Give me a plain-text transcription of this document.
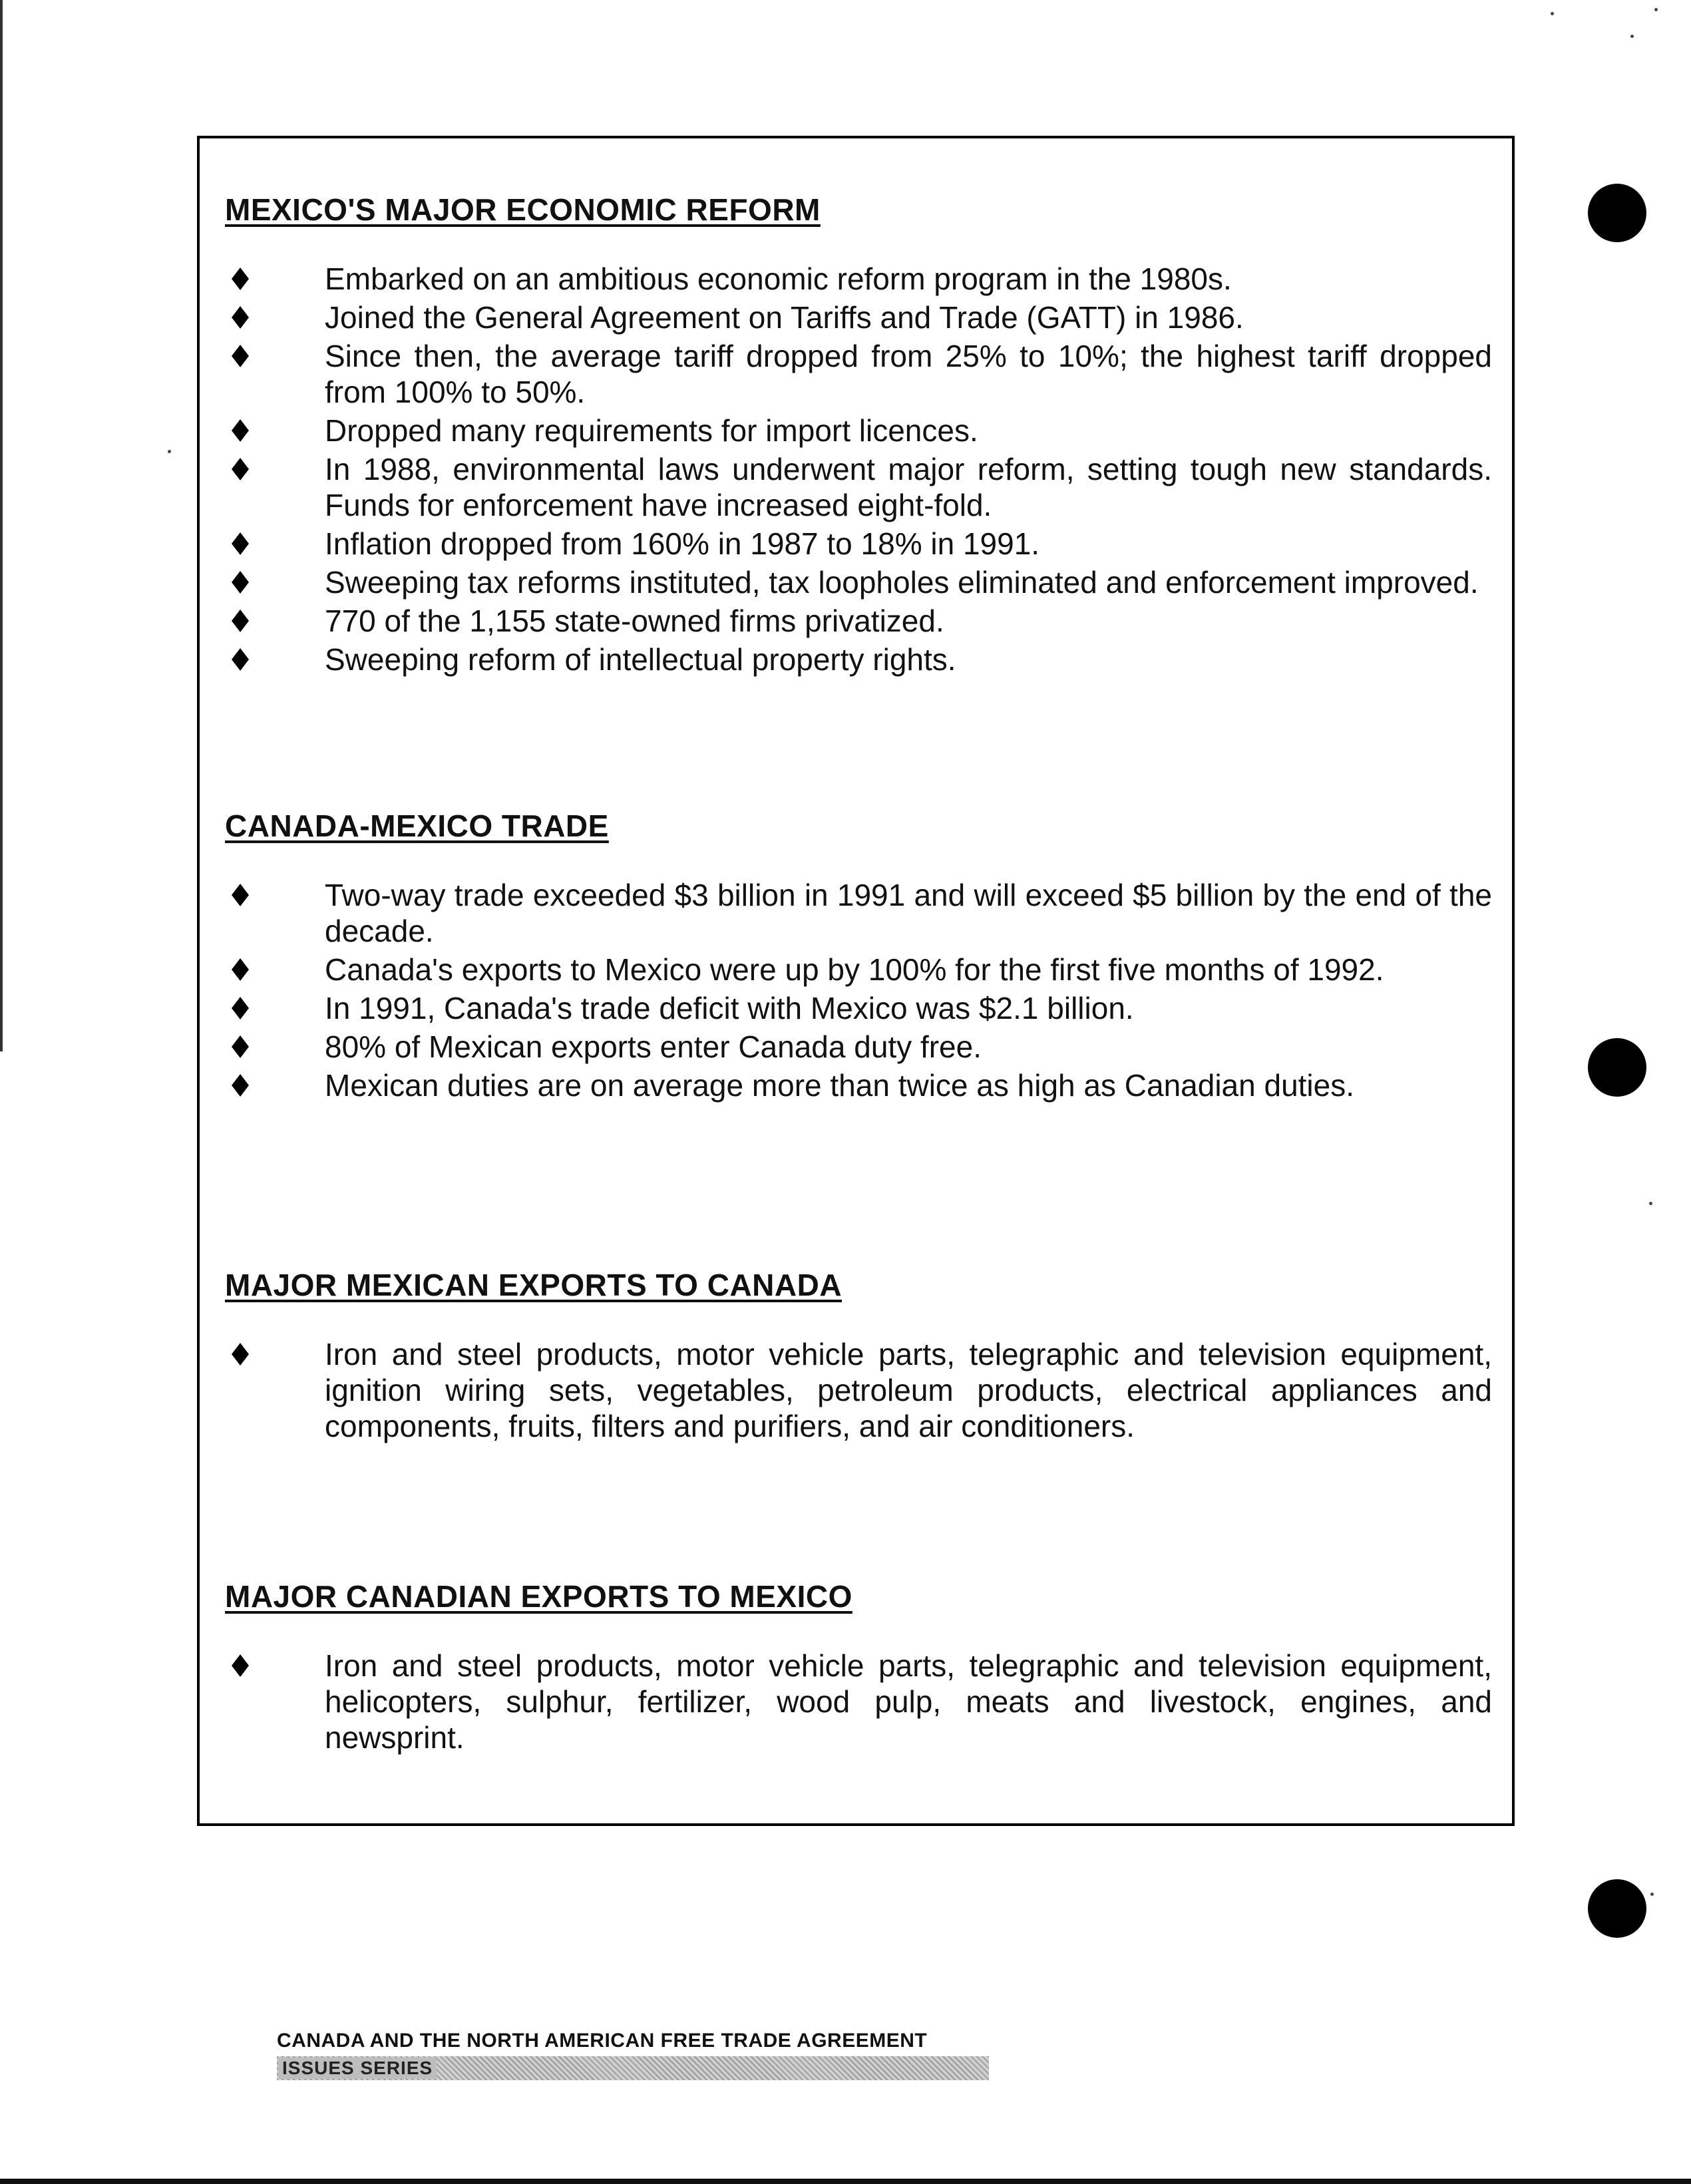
MEXICO'S MAJOR ECONOMIC REFORM
Embarked on an ambitious economic reform program in the 1980s.
Joined the General Agreement on Tariffs and Trade (GATT) in 1986.
Since then, the average tariff dropped from 25% to 10%; the highest tariff dropped from 100% to 50%.
Dropped many requirements for import licences.
In 1988, environmental laws underwent major reform, setting tough new standards. Funds for enforcement have increased eight-fold.
Inflation dropped from 160% in 1987 to 18% in 1991.
Sweeping tax reforms instituted, tax loopholes eliminated and enforcement improved.
770 of the 1,155 state-owned firms privatized.
Sweeping reform of intellectual property rights.
CANADA-MEXICO TRADE
Two-way trade exceeded $3 billion in 1991 and will exceed $5 billion by the end of the decade.
Canada's exports to Mexico were up by 100% for the first five months of 1992.
In 1991, Canada's trade deficit with Mexico was $2.1 billion.
80% of Mexican exports enter Canada duty free.
Mexican duties are on average more than twice as high as Canadian duties.
MAJOR MEXICAN EXPORTS TO CANADA
Iron and steel products, motor vehicle parts, telegraphic and television equipment, ignition wiring sets, vegetables, petroleum products, electrical appliances and components, fruits, filters and purifiers, and air conditioners.
MAJOR CANADIAN EXPORTS TO MEXICO
Iron and steel products, motor vehicle parts, telegraphic and television equipment, helicopters, sulphur, fertilizer, wood pulp, meats and livestock, engines, and newsprint.
CANADA AND THE NORTH AMERICAN FREE TRADE AGREEMENT
ISSUES SERIES
